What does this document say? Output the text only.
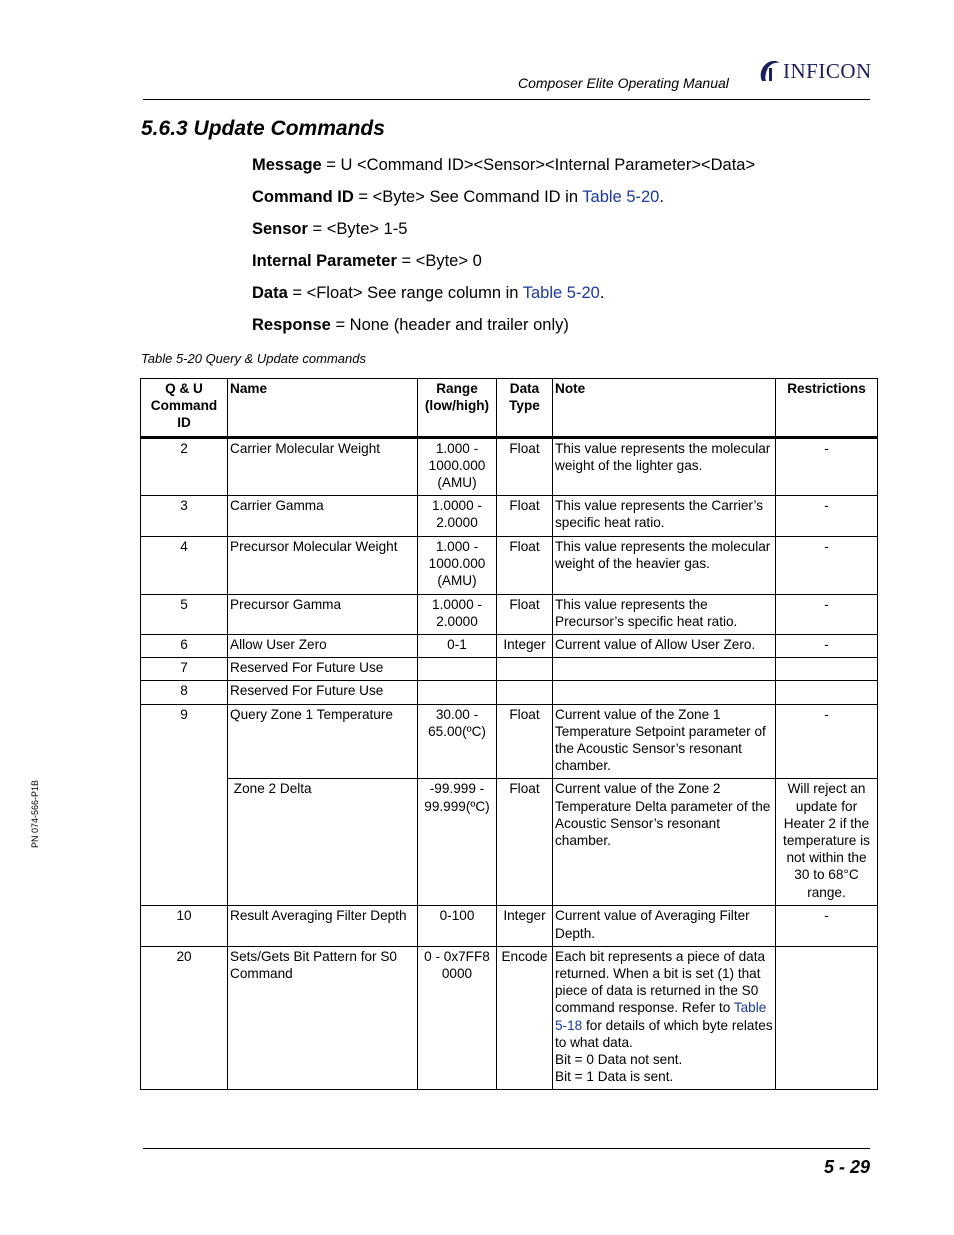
Composer Elite Operating Manual
INFICON
5.6.3 Update Commands
Message = U <Command ID><Sensor><Internal Parameter><Data>
Command ID = <Byte> See Command ID in Table 5-20.
Sensor = <Byte> 1-5
Internal Parameter = <Byte> 0
Data = <Float> See range column in Table 5-20.
Response = None (header and trailer only)
Table 5-20 Query & Update commands
Q & U Command ID	Name	Range (low/high)	Data Type	Note	Restrictions
2	Carrier Molecular Weight	1.000 - 1000.000 (AMU)	Float	This value represents the molecular weight of the lighter gas.	-
3	Carrier Gamma	1.0000 - 2.0000	Float	This value represents the Carrier’s specific heat ratio.	-
4	Precursor Molecular Weight	1.000 - 1000.000 (AMU)	Float	This value represents the molecular weight of the heavier gas.	-
5	Precursor Gamma	1.0000 - 2.0000	Float	This value represents the Precursor’s specific heat ratio.	-
6	Allow User Zero	0-1	Integer	Current value of Allow User Zero.	-
7	Reserved For Future Use				
8	Reserved For Future Use				
9	Query Zone 1 Temperature	30.00 - 65.00(ºC)	Float	Current value of the Zone 1 Temperature Setpoint parameter of the Acoustic Sensor’s resonant chamber.	-
	Zone 2 Delta	-99.999 - 99.999(ºC)	Float	Current value of the Zone 2 Temperature Delta parameter of the Acoustic Sensor’s resonant chamber.	Will reject an update for Heater 2 if the temperature is not within the 30 to 68°C range.
10	Result Averaging Filter Depth	0-100	Integer	Current value of Averaging Filter Depth.	-
20	Sets/Gets Bit Pattern for S0 Command	0 - 0x7FF8 0000	Encode	Each bit represents a piece of data returned. When a bit is set (1) that piece of data is returned in the S0 command response. Refer to Table 5-18 for details of which byte relates to what data.
Bit = 0 Data not sent.
Bit = 1 Data is sent.	
PN 074-566-P1B
5 - 29
